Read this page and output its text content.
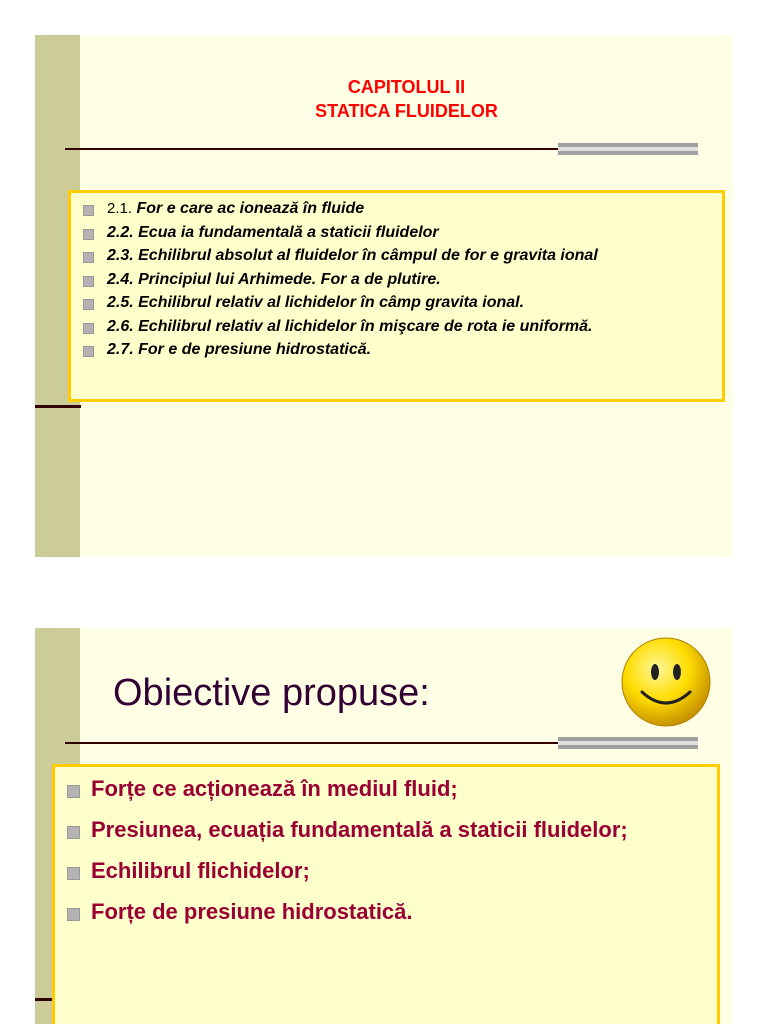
CAPITOLUL II
STATICA FLUIDELOR
2.1. For e care ac ionează în fluide
2.2. Ecua ia fundamentală a staticii fluidelor
2.3. Echilibrul absolut al fluidelor în câmpul de for e gravita ional
2.4. Principiul lui Arhimede. For a de plutire.
2.5. Echilibrul relativ al lichidelor în câmp gravita ional.
2.6. Echilibrul relativ al lichidelor în mişcare de rota ie uniformă.
2.7. For e de presiune hidrostatică.
Obiective propuse:
Forțe ce acționează în mediul fluid;
Presiunea, ecuația fundamentală a staticii fluidelor;
Echilibrul flichidelor;
Forțe de presiune hidrostatică.
